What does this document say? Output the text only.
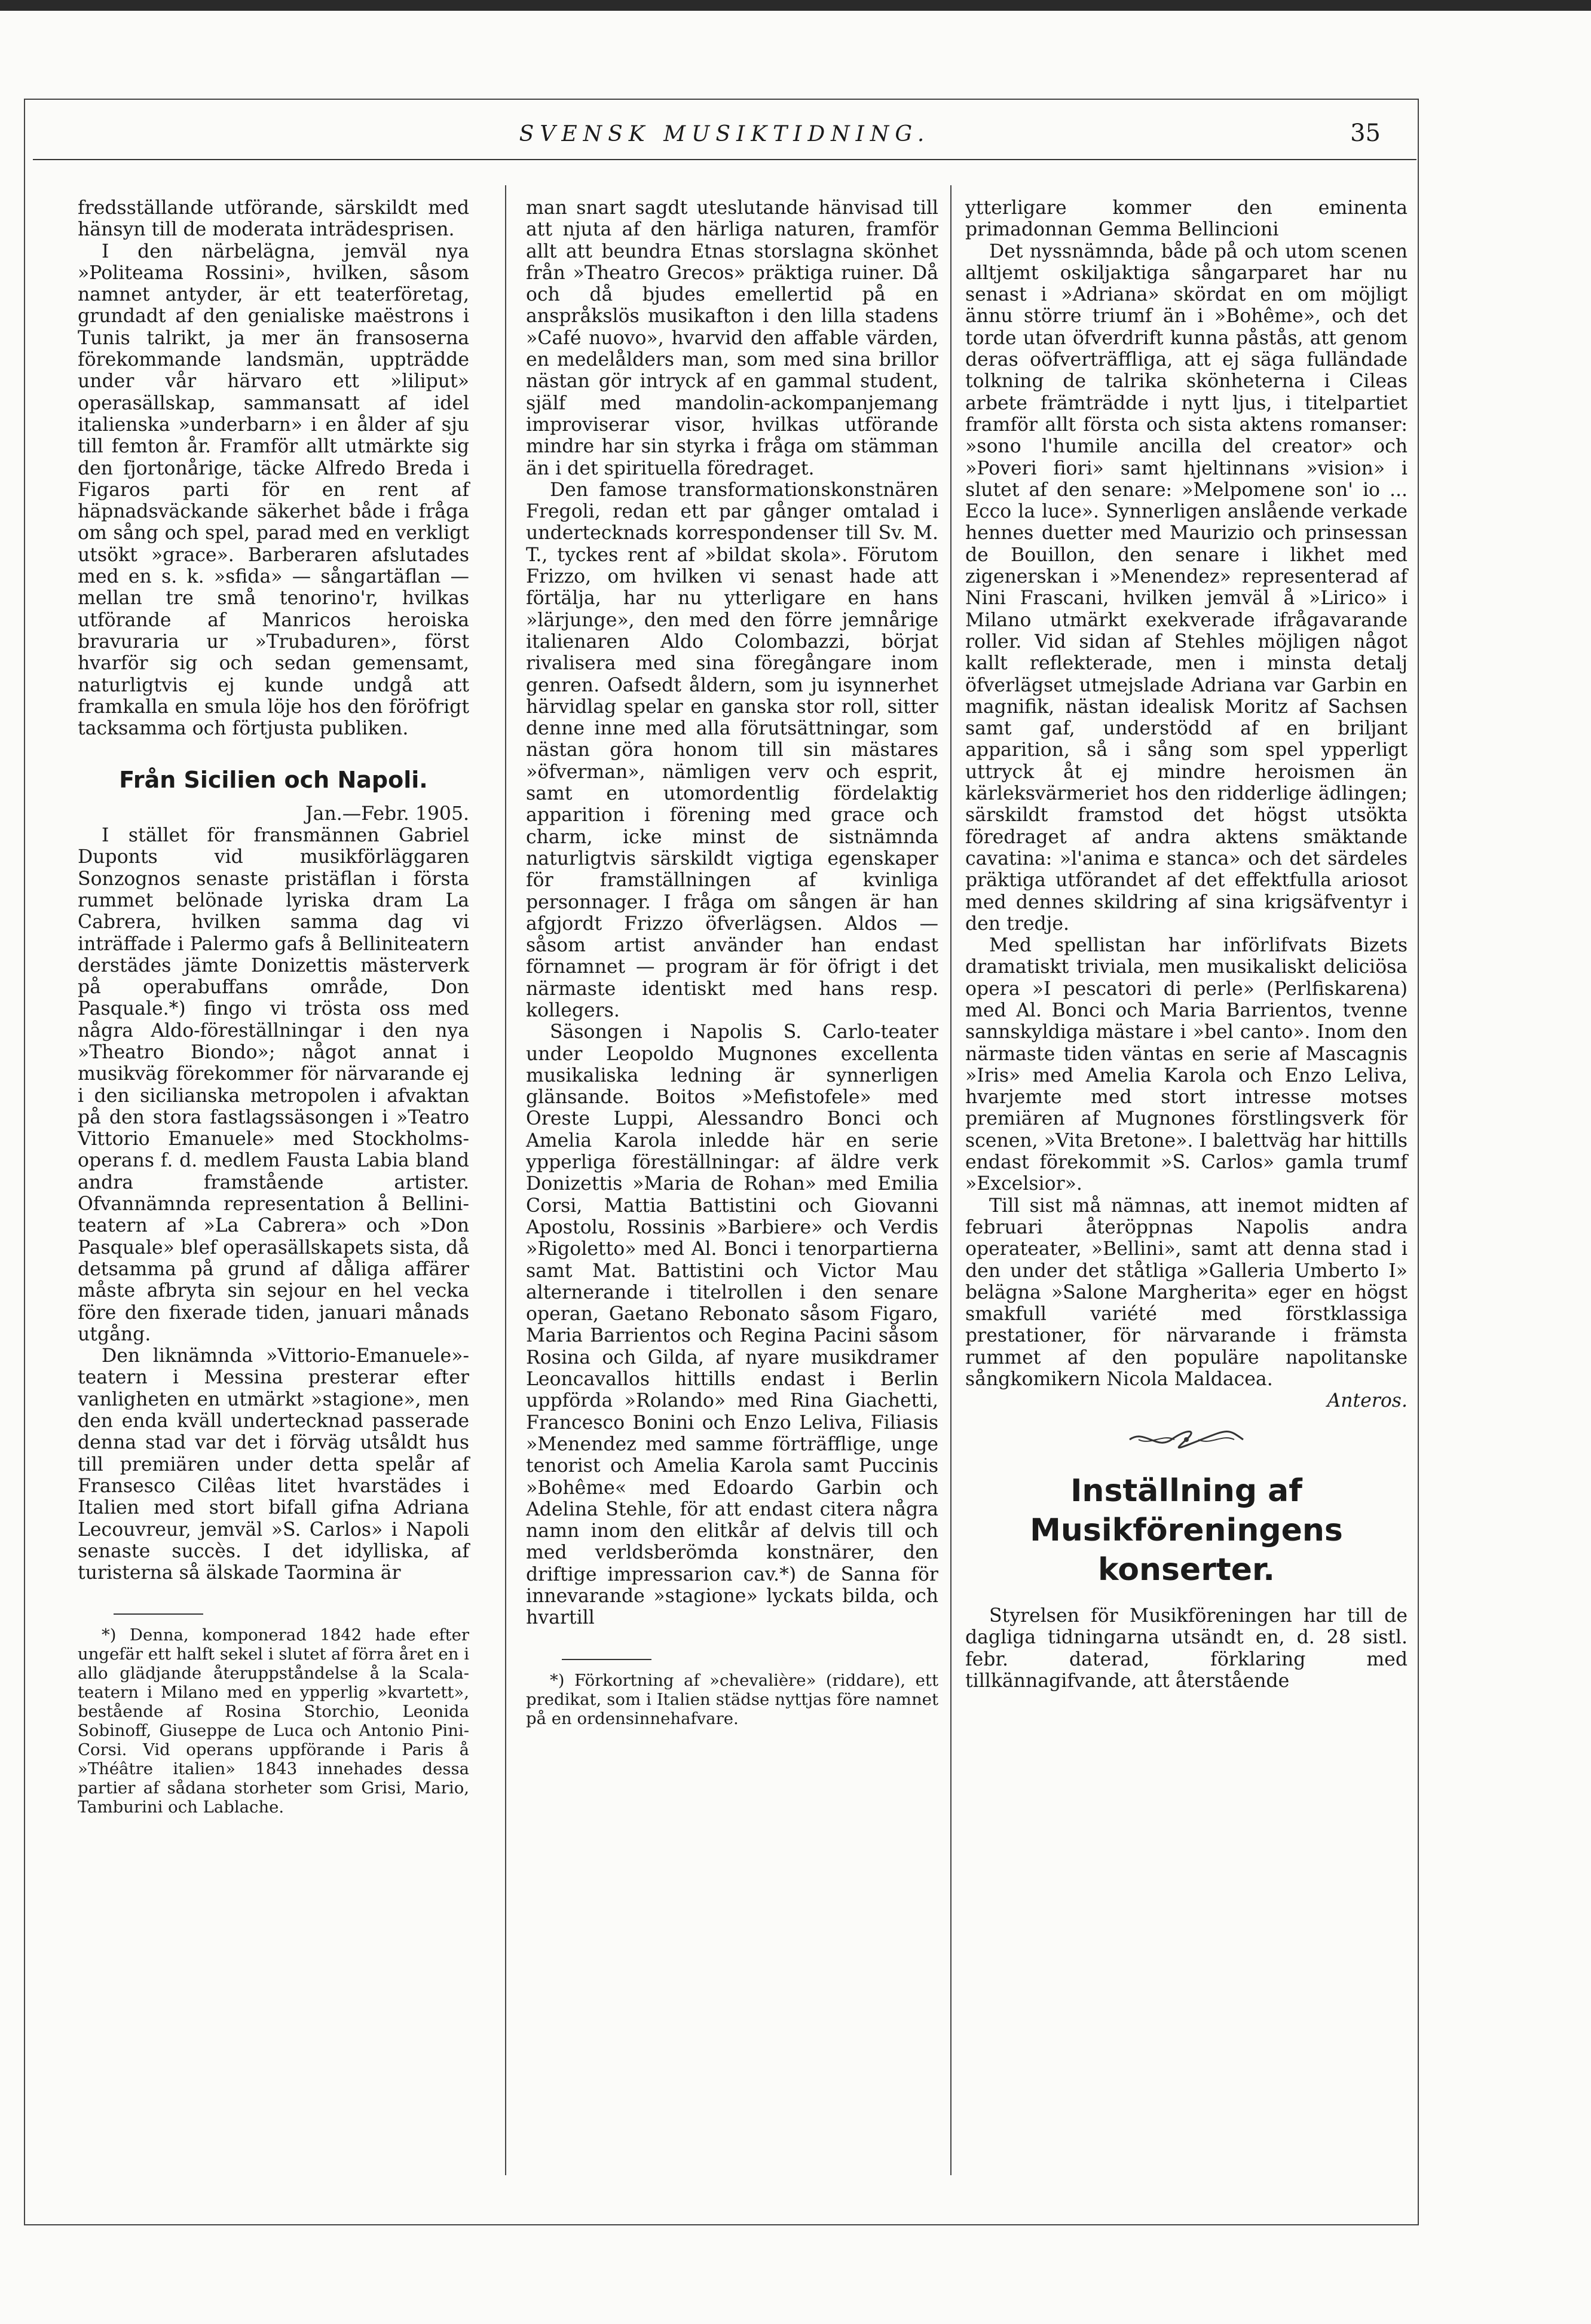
SVENSK MUSIKTIDNING.	35

fredsställande utförande, särskildt med hänsyn till de moderata inträdesprisen.

I den närbelägna, jemväl nya »Politeama Rossini», hvilken, såsom namnet antyder, är ett teaterföretag, grundadt af den genialiske maëstrons i Tunis talrikt, ja mer än fransoserna förekommande landsmän, uppträdde under vår härvaro ett »liliput» operasällskap, sammansatt af idel italienska »underbarn» i en ålder af sju till femton år. Framför allt utmärkte sig den fjortonårige, täcke Alfredo Breda i Figaros parti för en rent af häpnadsväckande säkerhet både i fråga om sång och spel, parad med en verkligt utsökt »grace». Barberaren afslutades med en s. k. »sfida» — sångartäflan — mellan tre små tenorino'r, hvilkas utförande af Manricos heroiska bravuraria ur »Trubaduren», först hvarför sig och sedan gemensamt, naturligtvis ej kunde undgå att framkalla en smula löje hos den föröfrigt tacksamma och förtjusta publiken.

Från Sicilien och Napoli.

Jan.—Febr. 1905.

I stället för fransmännen Gabriel Duponts vid musikförläggaren Sonzognos senaste pristäflan i första rummet belönade lyriska dram La Cabrera, hvilken samma dag vi inträffade i Palermo gafs å Belliniteatern derstädes jämte Donizettis mästerverk på operabuffans område, Don Pasquale.*) fingo vi trösta oss med några Aldo-föreställningar i den nya »Theatro Biondo»; något annat i musikväg förekommer för närvarande ej i den sicilianska metropolen i afvaktan på den stora fastlagssäsongen i »Teatro Vittorio Emanuele» med Stockholms-operans f. d. medlem Fausta Labia bland andra framstående artister. Ofvannämnda representation å Bellini-teatern af »La Cabrera» och »Don Pasquale» blef operasällskapets sista, då detsamma på grund af dåliga affärer måste afbryta sin sejour en hel vecka före den fixerade tiden, januari månads utgång.

Den liknämnda »Vittorio-Emanuele»-teatern i Messina presterar efter vanligheten en utmärkt »stagione», men den enda kväll undertecknad passerade denna stad var det i förväg utsåldt hus till premiären under detta spelår af Fransesco Cilêas litet hvarstädes i Italien med stort bifall gifna Adriana Lecouvreur, jemväl »S. Carlos» i Napoli senaste succès. I det idylliska, af turisterna så älskade Taormina är

*) Denna, komponerad 1842 hade efter ungefär ett halft sekel i slutet af förra året en i allo glädjande återuppståndelse å la Scala-teatern i Milano med en ypperlig »kvartett», bestående af Rosina Storchio, Leonida Sobinoff, Giuseppe de Luca och Antonio Pini-Corsi. Vid operans uppförande i Paris å »Théâtre italien» 1843 innehades dessa partier af sådana storheter som Grisi, Mario, Tamburini och Lablache.

man snart sagdt uteslutande hänvisad till att njuta af den härliga naturen, framför allt att beundra Etnas storslagna skönhet från »Theatro Grecos» präktiga ruiner. Då och då bjudes emellertid på en anspråkslös musikafton i den lilla stadens »Café nuovo», hvarvid den affable värden, en medelålders man, som med sina brillor nästan gör intryck af en gammal student, själf med mandolin-ackompanjemang improviserar visor, hvilkas utförande mindre har sin styrka i fråga om stämman än i det spirituella föredraget.

Den famose transformationskonstnären Fregoli, redan ett par gånger omtalad i undertecknads korrespondenser till Sv. M. T., tyckes rent af »bildat skola». Förutom Frizzo, om hvilken vi senast hade att förtälja, har nu ytterligare en hans »lärjunge», den med den förre jemnårige italienaren Aldo Colombazzi, börjat rivalisera med sina föregångare inom genren. Oafsedt åldern, som ju isynnerhet härvidlag spelar en ganska stor roll, sitter denne inne med alla förutsättningar, som nästan göra honom till sin mästares »öfverman», nämligen verv och esprit, samt en utomordentlig fördelaktig apparition i förening med grace och charm, icke minst de sistnämnda naturligtvis särskildt vigtiga egenskaper för framställningen af kvinliga personnager. I fråga om sången är han afgjordt Frizzo öfverlägsen. Aldos — såsom artist använder han endast förnamnet — program är för öfrigt i det närmaste identiskt med hans resp. kollegers.

Säsongen i Napolis S. Carlo-teater under Leopoldo Mugnones excellenta musikaliska ledning är synnerligen glänsande. Boitos »Mefistofele» med Oreste Luppi, Alessandro Bonci och Amelia Karola inledde här en serie ypperliga föreställningar: af äldre verk Donizettis »Maria de Rohan» med Emilia Corsi, Mattia Battistini och Giovanni Apostolu, Rossinis »Barbiere» och Verdis »Rigoletto» med Al. Bonci i tenorpartierna samt Mat. Battistini och Victor Mau alternerande i titelrollen i den senare operan, Gaetano Rebonato såsom Figaro, Maria Barrientos och Regina Pacini såsom Rosina och Gilda, af nyare musikdramer Leoncavallos hittills endast i Berlin uppförda »Rolando» med Rina Giachetti, Francesco Bonini och Enzo Leliva, Filiasis »Menendez med samme förträfflige, unge tenorist och Amelia Karola samt Puccinis »Bohême« med Edoardo Garbin och Adelina Stehle, för att endast citera några namn inom den elitkår af delvis till och med verldsberömda konstnärer, den driftige impressarion cav.*) de Sanna för innevarande »stagione» lyckats bilda, och hvartill

*) Förkortning af »chevalière» (riddare), ett predikat, som i Italien städse nyttjas före namnet på en ordensinnehafvare.

ytterligare kommer den eminenta primadonnan Gemma Bellincioni

Det nyssnämnda, både på och utom scenen alltjemt oskiljaktiga sångarparet har nu senast i »Adriana» skördat en om möjligt ännu större triumf än i »Bohême», och det torde utan öfverdrift kunna påstås, att genom deras oöfverträffliga, att ej säga fulländade tolkning de talrika skönheterna i Cileas arbete främträdde i nytt ljus, i titelpartiet framför allt första och sista aktens romanser: »sono l'humile ancilla del creator» och »Poveri fiori» samt hjeltinnans »vision» i slutet af den senare: »Melpomene son' io ... Ecco la luce». Synnerligen anslående verkade hennes duetter med Maurizio och prinsessan de Bouillon, den senare i likhet med zigenerskan i »Menendez» representerad af Nini Frascani, hvilken jemväl å »Lirico» i Milano utmärkt exekverade ifrågavarande roller. Vid sidan af Stehles möjligen något kallt reflekterade, men i minsta detalj öfverlägset utmejslade Adriana var Garbin en magnifik, nästan idealisk Moritz af Sachsen samt gaf, understödd af en briljant apparition, så i sång som spel ypperligt uttryck åt ej mindre heroismen än kärleksvärmeriet hos den ridderlige ädlingen; särskildt framstod det högst utsökta föredraget af andra aktens smäktande cavatina: »l'anima e stanca» och det särdeles präktiga utförandet af det effektfulla ariosot med dennes skildring af sina krigsäfventyr i den tredje.

Med spellistan har införlifvats Bizets dramatiskt triviala, men musikaliskt deliciösa opera »I pescatori di perle» (Perlfiskarena) med Al. Bonci och Maria Barrientos, tvenne sannskyldiga mästare i »bel canto». Inom den närmaste tiden väntas en serie af Mascagnis »Iris» med Amelia Karola och Enzo Leliva, hvarjemte med stort intresse motses premiären af Mugnones förstlingsverk för scenen, »Vita Bretone». I balettväg har hittills endast förekommit »S. Carlos» gamla trumf »Excelsior».

Till sist må nämnas, att inemot midten af februari återöppnas Napolis andra operateater, »Bellini», samt att denna stad i den under det ståtliga »Galleria Umberto I» belägna »Salone Margherita» eger en högst smakfull variété med förstklassiga prestationer, för närvarande i främsta rummet af den populäre napolitanske sångkomikern Nicola Maldacea.

Anteros.

Inställning af Musikföreningens konserter.

Styrelsen för Musikföreningen har till de dagliga tidningarna utsändt en, d. 28 sistl. febr. daterad, förklaring med tillkännagifvande, att återstående
